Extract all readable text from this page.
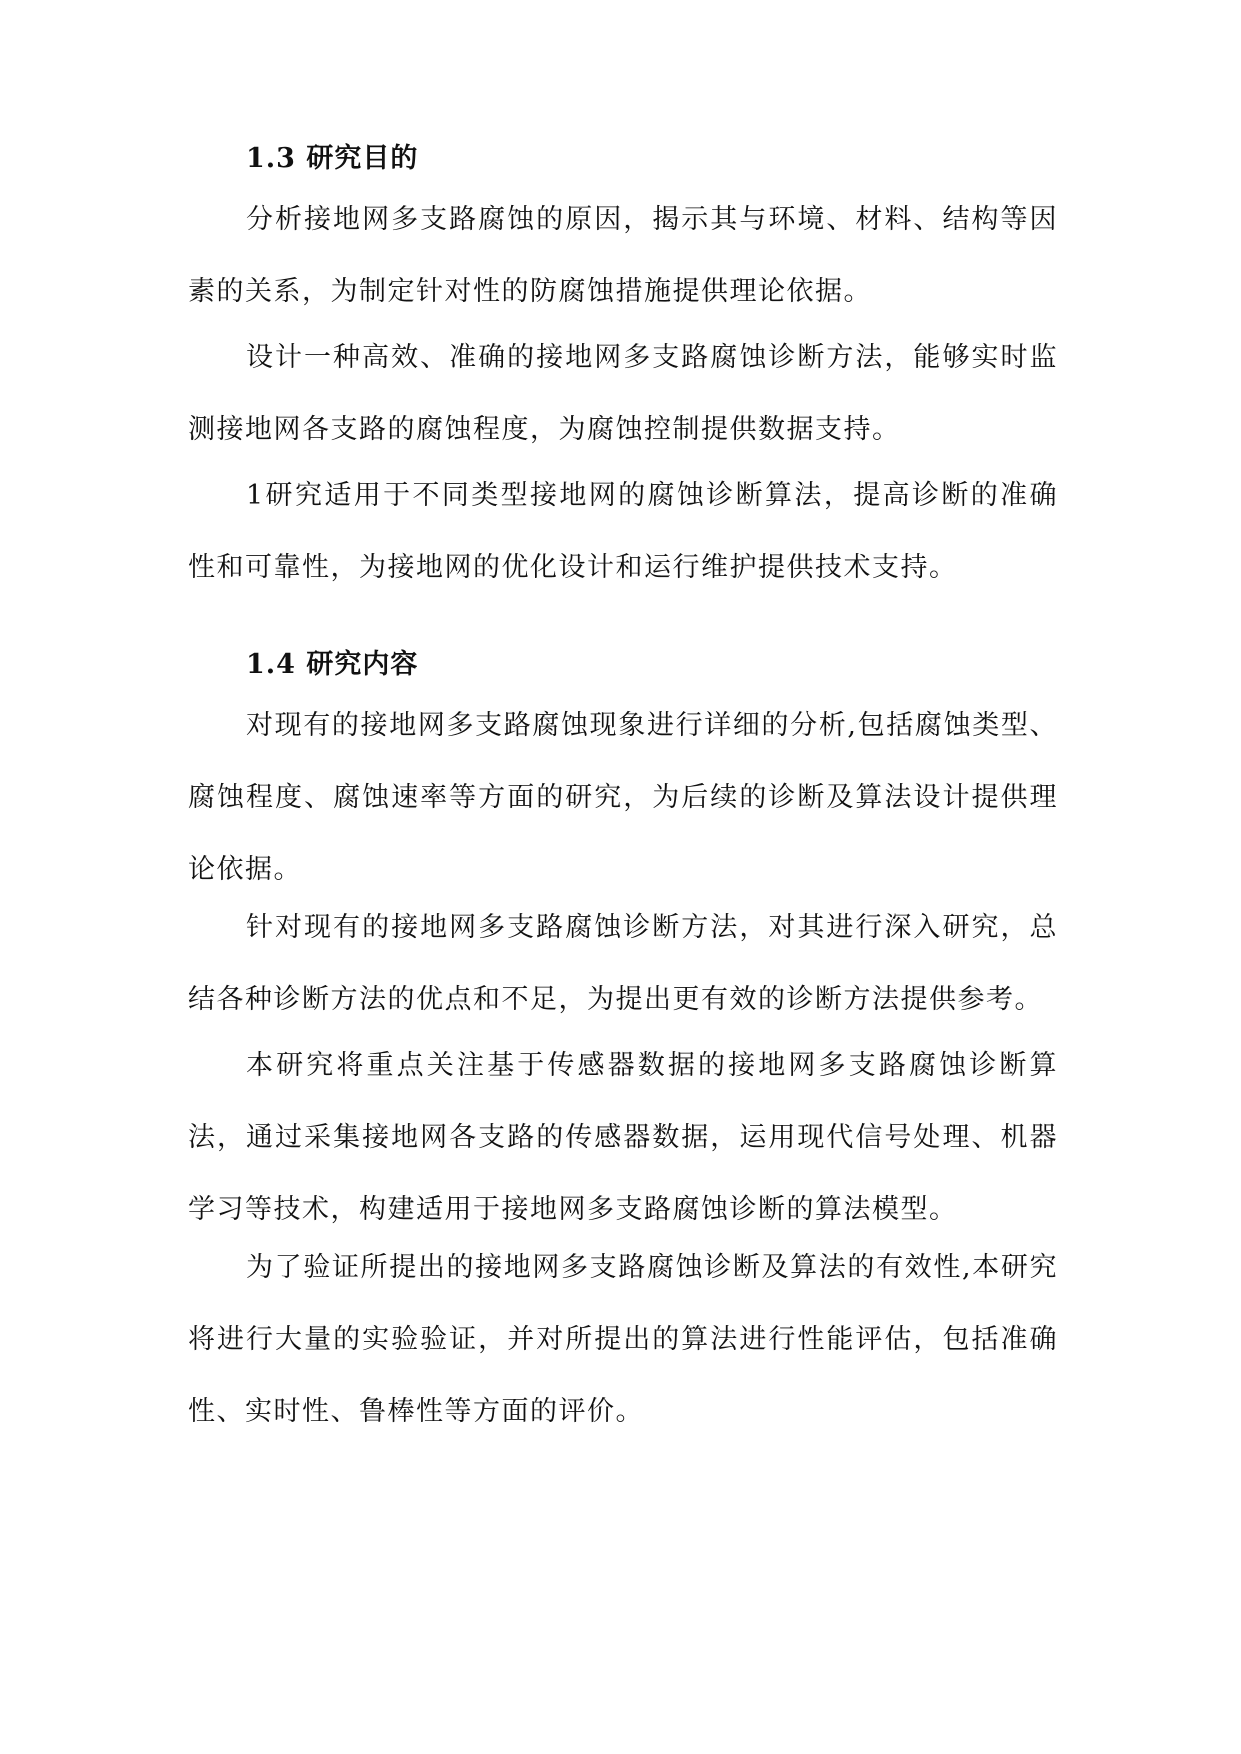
1.3 研究目的

分析接地网多支路腐蚀的原因，揭示其与环境、材料、结构等因素的关系，为制定针对性的防腐蚀措施提供理论依据。

设计一种高效、准确的接地网多支路腐蚀诊断方法，能够实时监测接地网各支路的腐蚀程度，为腐蚀控制提供数据支持。

1研究适用于不同类型接地网的腐蚀诊断算法，提高诊断的准确性和可靠性，为接地网的优化设计和运行维护提供技术支持。

1.4 研究内容

对现有的接地网多支路腐蚀现象进行详细的分析,包括腐蚀类型、腐蚀程度、腐蚀速率等方面的研究，为后续的诊断及算法设计提供理论依据。

针对现有的接地网多支路腐蚀诊断方法，对其进行深入研究，总结各种诊断方法的优点和不足，为提出更有效的诊断方法提供参考。

本研究将重点关注基于传感器数据的接地网多支路腐蚀诊断算法，通过采集接地网各支路的传感器数据，运用现代信号处理、机器学习等技术，构建适用于接地网多支路腐蚀诊断的算法模型。

为了验证所提出的接地网多支路腐蚀诊断及算法的有效性,本研究将进行大量的实验验证，并对所提出的算法进行性能评估，包括准确性、实时性、鲁棒性等方面的评价。
